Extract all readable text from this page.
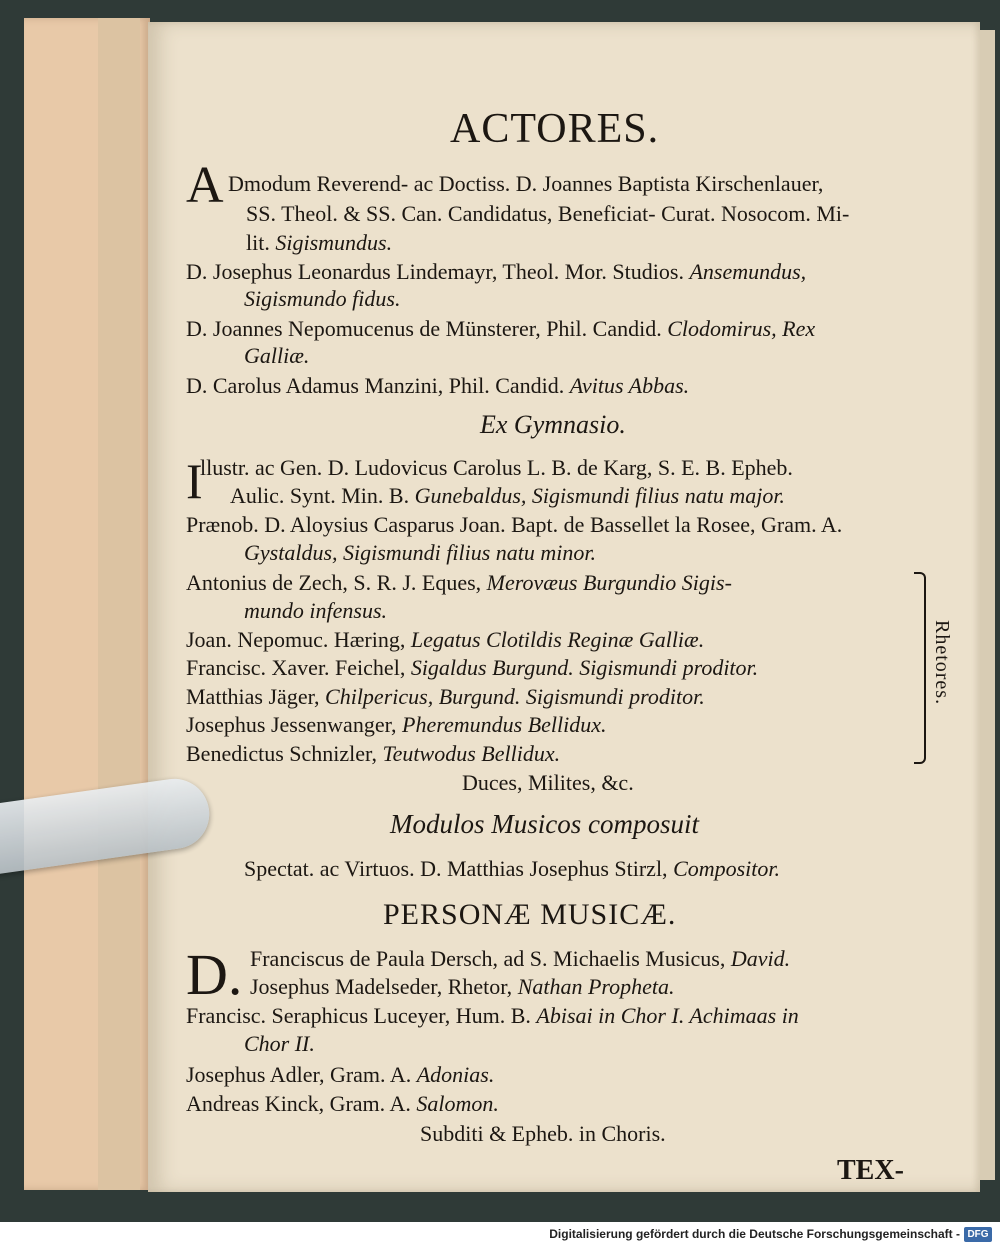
ACTORES.
A Dmodum Reverend- ac Doctiss. D. Joannes Baptista Kirschenlauer,
SS. Theol. & SS. Can. Candidatus, Beneficiat- Curat. Nosocom. Mi-
lit. Sigismundus.
D. Josephus Leonardus Lindemayr, Theol. Mor. Studios. Ansemundus,
Sigismundo fidus.
D. Joannes Nepomucenus de Münsterer, Phil. Candid. Clodomirus, Rex
Galliæ.
D. Carolus Adamus Manzini, Phil. Candid. Avitus Abbas.
Ex Gymnasio.
I
llustr. ac Gen. D. Ludovicus Carolus L. B. de Karg, S. E. B. Epheb.
Aulic. Synt. Min. B. Gunebaldus, Sigismundi filius natu major.
Prænob. D. Aloysius Casparus Joan. Bapt. de Bassellet la Rosee, Gram. A.
Gystaldus, Sigismundi filius natu minor.
Antonius de Zech, S. R. J. Eques, Merovæus Burgundio Sigis-
mundo infensus.
Joan. Nepomuc. Hæring, Legatus Clotildis Reginæ Galliæ.
Francisc. Xaver. Feichel, Sigaldus Burgund. Sigismundi proditor.
Matthias Jäger, Chilpericus, Burgund. Sigismundi proditor.
Josephus Jessenwanger, Pheremundus Bellidux.
Benedictus Schnizler, Teutwodus Bellidux.
Duces, Milites, &c.
Rhetores.
Modulos Musicos composuit
Spectat. ac Virtuos. D. Matthias Josephus Stirzl, Compositor.
PERSONÆ MUSICÆ.
D. Franciscus de Paula Dersch, ad S. Michaelis Musicus, David.
Josephus Madelseder, Rhetor, Nathan Propheta.
Francisc. Seraphicus Luceyer, Hum. B. Abisai in Chor I. Achimaas in
Chor II.
Josephus Adler, Gram. A. Adonias.
Andreas Kinck, Gram. A. Salomon.
Subditi & Epheb. in Choris.
TEX-
Digitalisierung gefördert durch die Deutsche Forschungsgemeinschaft - DFG
